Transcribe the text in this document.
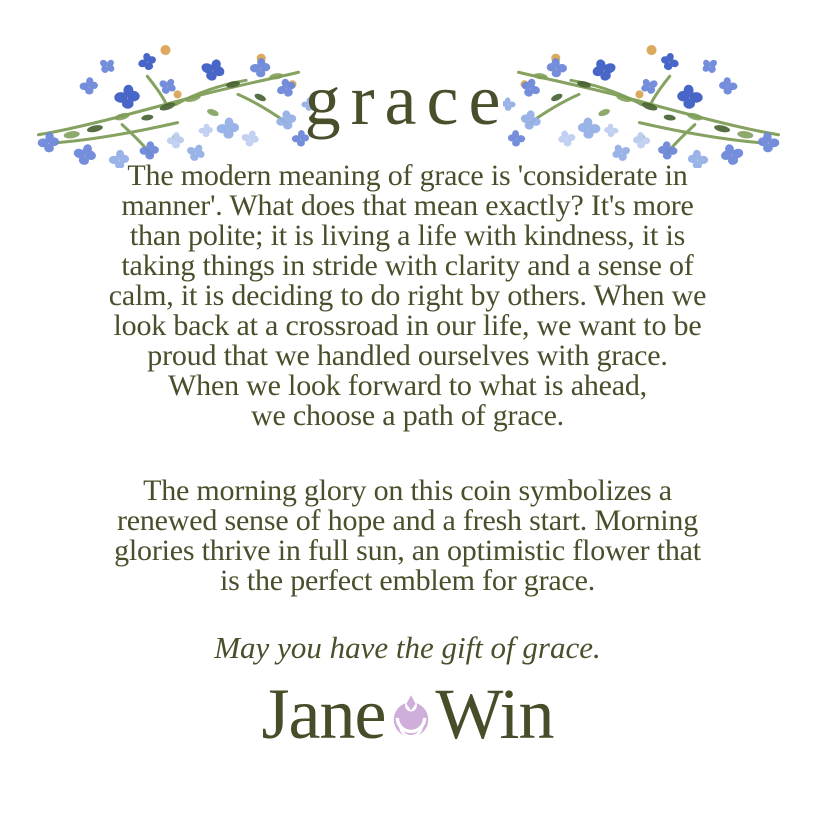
grace
The modern meaning of grace is 'considerate in
manner'. What does that mean exactly? It's more
than polite; it is living a life with kindness, it is
taking things in stride with clarity and a sense of
calm, it is deciding to do right by others. When we
look back at a crossroad in our life, we want to be
proud that we handled ourselves with grace.
When we look forward to what is ahead,
we choose a path of grace.
The morning glory on this coin symbolizes a
renewed sense of hope and a fresh start. Morning
glories thrive in full sun, an optimistic flower that
is the perfect emblem for grace.
May you have the gift of grace.
Jane Win
